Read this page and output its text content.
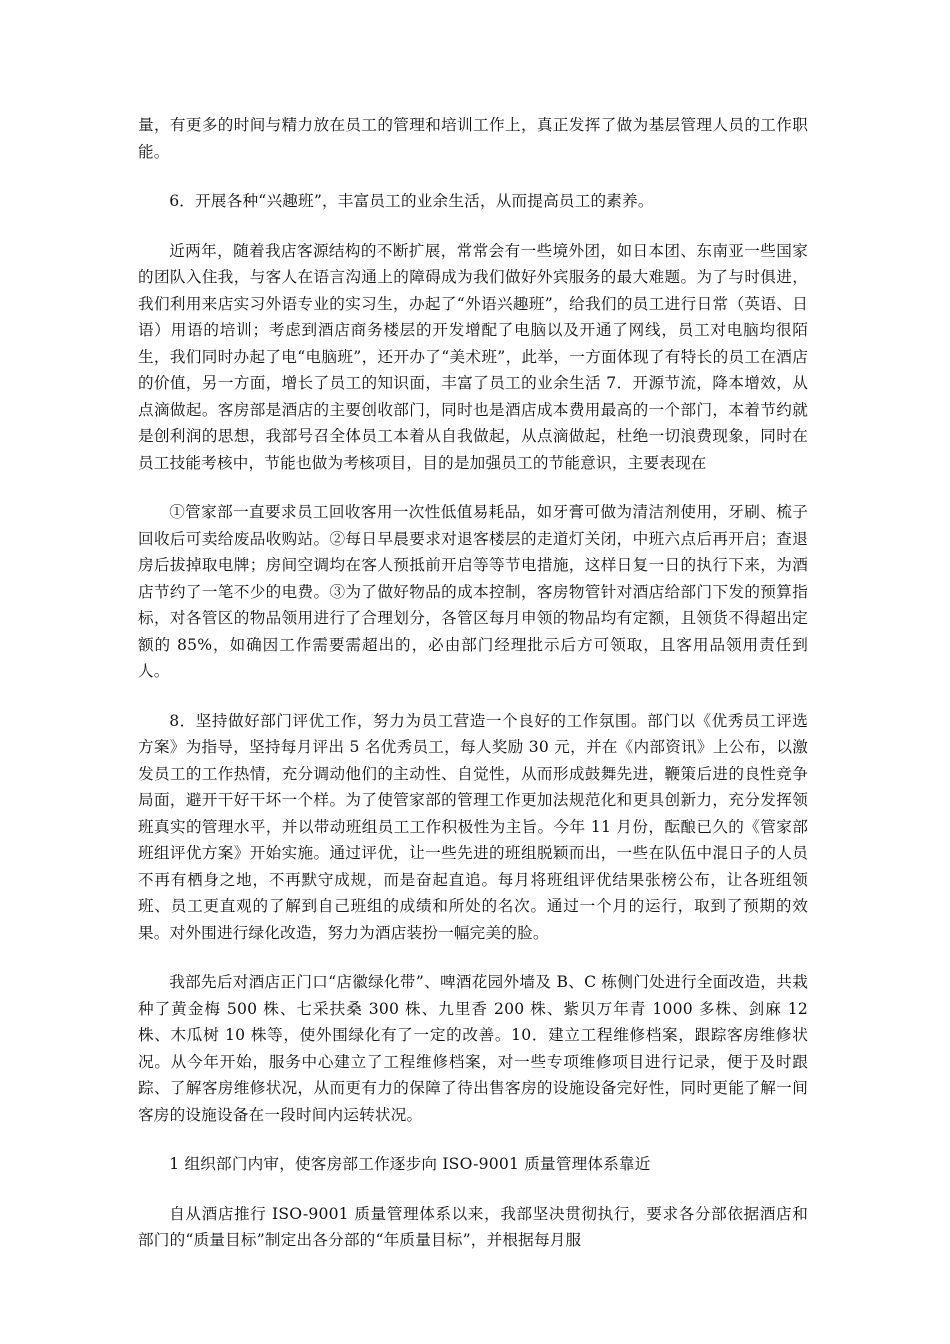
量，有更多的时间与精力放在员工的管理和培训工作上，真正发挥了做为基层管理人员的工作职能。

6．开展各种“兴趣班”，丰富员工的业余生活，从而提高员工的素养。

近两年，随着我店客源结构的不断扩展，常常会有一些境外团，如日本团、东南亚一些国家的团队入住我，与客人在语言沟通上的障碍成为我们做好外宾服务的最大难题。为了与时俱进，我们利用来店实习外语专业的实习生，办起了“外语兴趣班”，给我们的员工进行日常（英语、日语）用语的培训；考虑到酒店商务楼层的开发增配了电脑以及开通了网线，员工对电脑均很陌生，我们同时办起了电“电脑班”，还开办了“美术班”，此举，一方面体现了有特长的员工在酒店的价值，另一方面，增长了员工的知识面，丰富了员工的业余生活 7．开源节流，降本增效，从点滴做起。客房部是酒店的主要创收部门，同时也是酒店成本费用最高的一个部门，本着节约就是创利润的思想，我部号召全体员工本着从自我做起，从点滴做起，杜绝一切浪费现象，同时在员工技能考核中，节能也做为考核项目，目的是加强员工的节能意识，主要表现在

①管家部一直要求员工回收客用一次性低值易耗品，如牙膏可做为清洁剂使用，牙刷、梳子回收后可卖给废品收购站。②每日早晨要求对退客楼层的走道灯关闭，中班六点后再开启；查退房后拔掉取电牌；房间空调均在客人预抵前开启等等节电措施，这样日复一日的执行下来，为酒店节约了一笔不少的电费。③为了做好物品的成本控制，客房物管针对酒店给部门下发的预算指标，对各管区的物品领用进行了合理划分，各管区每月申领的物品均有定额，且领货不得超出定额的 85%，如确因工作需要需超出的，必由部门经理批示后方可领取，且客用品领用责任到人。

8．坚持做好部门评优工作，努力为员工营造一个良好的工作氛围。部门以《优秀员工评选方案》为指导，坚持每月评出 5 名优秀员工，每人奖励 30 元，并在《内部资讯》上公布，以激发员工的工作热情，充分调动他们的主动性、自觉性，从而形成鼓舞先进，鞭策后进的良性竞争局面，避开干好干坏一个样。为了使管家部的管理工作更加法规范化和更具创新力，充分发挥领班真实的管理水平，并以带动班组员工工作积极性为主旨。今年 11 月份，酝酿已久的《管家部班组评优方案》开始实施。通过评优，让一些先进的班组脱颖而出，一些在队伍中混日子的人员不再有栖身之地，不再默守成规，而是奋起直追。每月将班组评优结果张榜公布，让各班组领班、员工更直观的了解到自己班组的成绩和所处的名次。通过一个月的运行，取到了预期的效果。对外围进行绿化改造，努力为酒店装扮一幅完美的脸。

我部先后对酒店正门口“店徽绿化带”、啤酒花园外墙及 B、C 栋侧门处进行全面改造，共栽种了黄金梅 500 株、七采扶桑 300 株、九里香 200 株、紫贝万年青 1000 多株、剑麻 12 株、木瓜树 10 株等，使外围绿化有了一定的改善。10．建立工程维修档案，跟踪客房维修状况。从今年开始，服务中心建立了工程维修档案，对一些专项维修项目进行记录，便于及时跟踪、了解客房维修状况，从而更有力的保障了待出售客房的设施设备完好性，同时更能了解一间客房的设施设备在一段时间内运转状况。

1 组织部门内审，使客房部工作逐步向 ISO-9001 质量管理体系靠近

自从酒店推行 ISO-9001 质量管理体系以来，我部坚决贯彻执行，要求各分部依据酒店和部门的“质量目标”制定出各分部的“年质量目标”，并根据每月服
